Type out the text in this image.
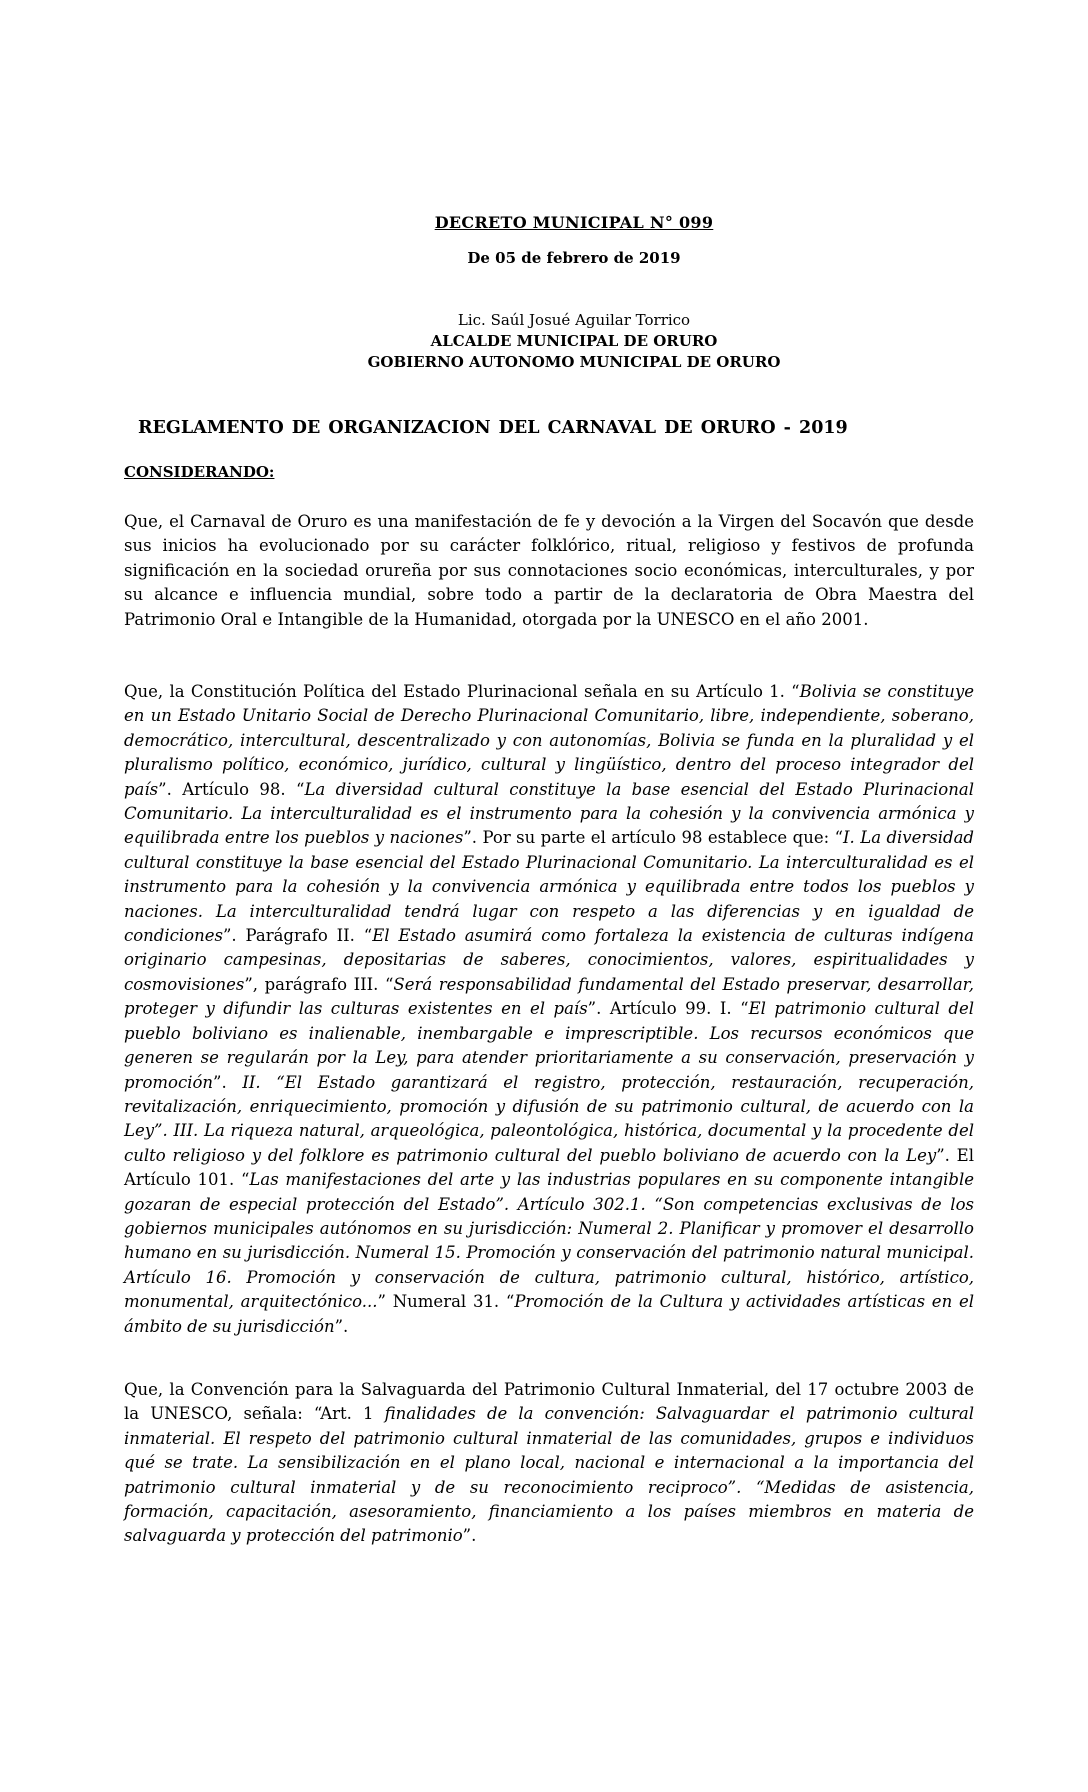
DECRETO MUNICIPAL N° 099

De 05 de febrero de 2019

Lic. Saúl Josué Aguilar Torrico

ALCALDE MUNICIPAL DE ORURO

GOBIERNO AUTONOMO MUNICIPAL DE ORURO

REGLAMENTO DE ORGANIZACION DEL CARNAVAL DE ORURO - 2019

CONSIDERANDO:

Que, el Carnaval de Oruro es una manifestación de fe y devoción a la Virgen del Socavón que desde sus inicios ha evolucionado por su carácter folklórico, ritual, religioso y festivos de profunda significación en la sociedad orureña por sus connotaciones socio económicas, interculturales, y por su alcance e influencia mundial, sobre todo a partir de la declaratoria de Obra Maestra del Patrimonio Oral e Intangible de la Humanidad, otorgada por la UNESCO en el año 2001.

Que, la Constitución Política del Estado Plurinacional señala en su Artículo 1. “Bolivia se constituye en un Estado Unitario Social de Derecho Plurinacional Comunitario, libre, independiente, soberano, democrático, intercultural, descentralizado y con autonomías, Bolivia se funda en la pluralidad y el pluralismo político, económico, jurídico, cultural y lingüístico, dentro del proceso integrador del país”. Artículo 98. “La diversidad cultural constituye la base esencial del Estado Plurinacional Comunitario. La interculturalidad es el instrumento para la cohesión y la convivencia armónica y equilibrada entre los pueblos y naciones”. Por su parte el artículo 98 establece que: “I. La diversidad cultural constituye la base esencial del Estado Plurinacional Comunitario. La interculturalidad es el instrumento para la cohesión y la convivencia armónica y equilibrada entre todos los pueblos y naciones. La interculturalidad tendrá lugar con respeto a las diferencias y en igualdad de condiciones”. Parágrafo II. “El Estado asumirá como fortaleza la existencia de culturas indígena originario campesinas, depositarias de saberes, conocimientos, valores, espiritualidades y cosmovisiones”, parágrafo III. “Será responsabilidad fundamental del Estado preservar, desarrollar, proteger y difundir las culturas existentes en el país”. Artículo 99. I. “El patrimonio cultural del pueblo boliviano es inalienable, inembargable e imprescriptible. Los recursos económicos que generen se regularán por la Ley, para atender prioritariamente a su conservación, preservación y promoción”. II. “El Estado garantizará el registro, protección, restauración, recuperación, revitalización, enriquecimiento, promoción y difusión de su patrimonio cultural, de acuerdo con la Ley”. III. La riqueza natural, arqueológica, paleontológica, histórica, documental y la procedente del culto religioso y del folklore es patrimonio cultural del pueblo boliviano de acuerdo con la Ley”. El Artículo 101. “Las manifestaciones del arte y las industrias populares en su componente intangible gozaran de especial protección del Estado”. Artículo 302.1. “Son competencias exclusivas de los gobiernos municipales autónomos en su jurisdicción: Numeral 2. Planificar y promover el desarrollo humano en su jurisdicción. Numeral 15. Promoción y conservación del patrimonio natural municipal. Artículo 16. Promoción y conservación de cultura, patrimonio cultural, histórico, artístico, monumental, arquitectónico...” Numeral 31. “Promoción de la Cultura y actividades artísticas en el ámbito de su jurisdicción”.

Que, la Convención para la Salvaguarda del Patrimonio Cultural Inmaterial, del 17 octubre 2003 de la UNESCO, señala: “Art. 1 finalidades de la convención: Salvaguardar el patrimonio cultural inmaterial. El respeto del patrimonio cultural inmaterial de las comunidades, grupos e individuos qué se trate. La sensibilización en el plano local, nacional e internacional a la importancia del patrimonio cultural inmaterial y de su reconocimiento reciproco”. “Medidas de asistencia, formación, capacitación, asesoramiento, financiamiento a los países miembros en materia de salvaguarda y protección del patrimonio”.
